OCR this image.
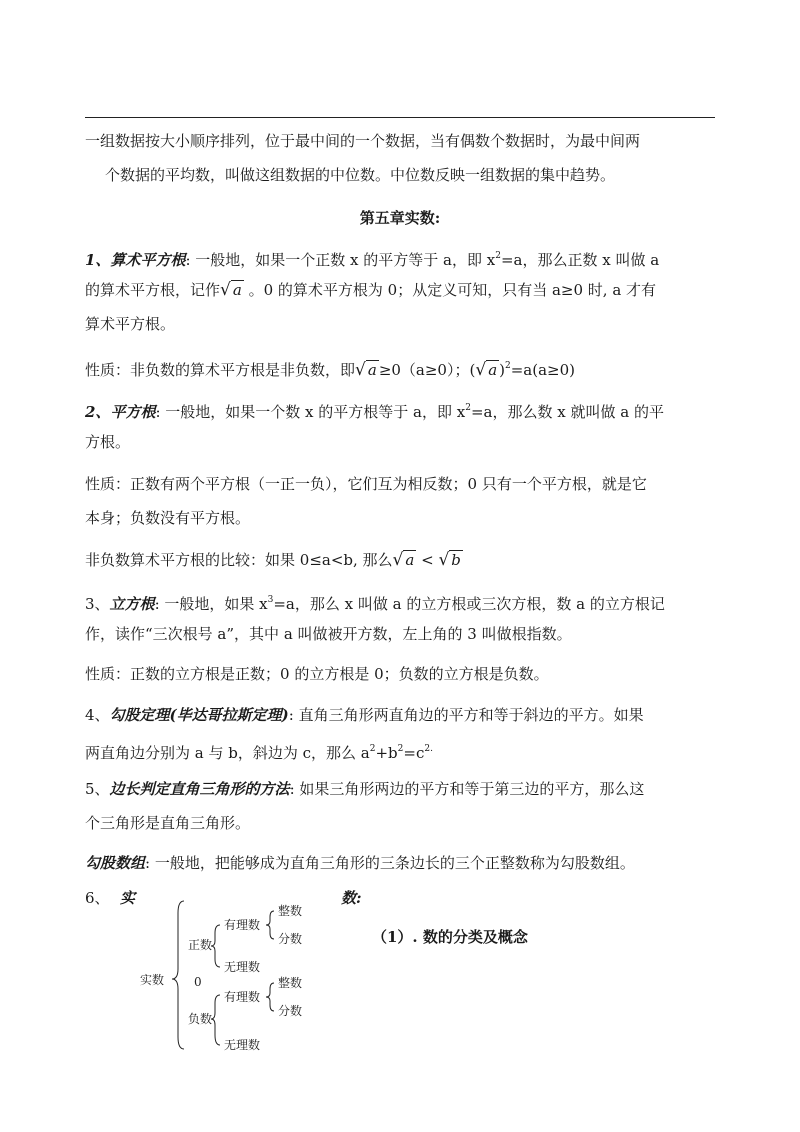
一组数据按大小顺序排列，位于最中间的一个数据，当有偶数个数据时，为最中间两
个数据的平均数，叫做这组数据的中位数。中位数反映一组数据的集中趋势。
第五章实数:
1、算术平方根: 一般地，如果一个正数 x 的平方等于 a，即 $x^2=a$，那么正数 x 叫做 a
的算术平方根，记作√ a 。0 的算术平方根为 0；从定义可知，只有当 a≥0 时, a 才有
算术平方根。
性质：非负数的算术平方根是非负数，即√ a ≥0（a≥0）；(√ a )$^2$=a(a≥0)
2、平方根: 一般地，如果一个数 x 的平方根等于 a，即 $x^2=a$，那么数 x 就叫做 a 的平
方根。
性质：正数有两个平方根（一正一负），它们互为相反数；0 只有一个平方根，就是它
本身；负数没有平方根。
非负数算术平方根的比较：如果 0≤a<b, 那么√ a < √ b
3、立方根: 一般地，如果 $x^3=a$，那么 x 叫做 a 的立方根或三次方根，数 a 的立方根记
作，读作“三次根号 a”，其中 a 叫做被开方数，左上角的 3 叫做根指数。
性质：正数的立方根是正数；0 的立方根是 0；负数的立方根是负数。
4、勾股定理(毕达哥拉斯定理): 直角三角形两直角边的平方和等于斜边的平方。如果
两直角边分别为 a 与 b，斜边为 c，那么 $a^2+b^2=c^{2.}$
5、边长判定直角三角形的方法: 如果三角形两边的平方和等于第三边的平方，那么这
个三角形是直角三角形。
勾股数组: 一般地，把能够成为直角三角形的三条边长的三个正整数称为勾股数组。
6、 实	数:
（1）. 数的分类及概念
实数
正数
有理数
整数
分数
无理数
0
负数
有理数
整数
分数
无理数
